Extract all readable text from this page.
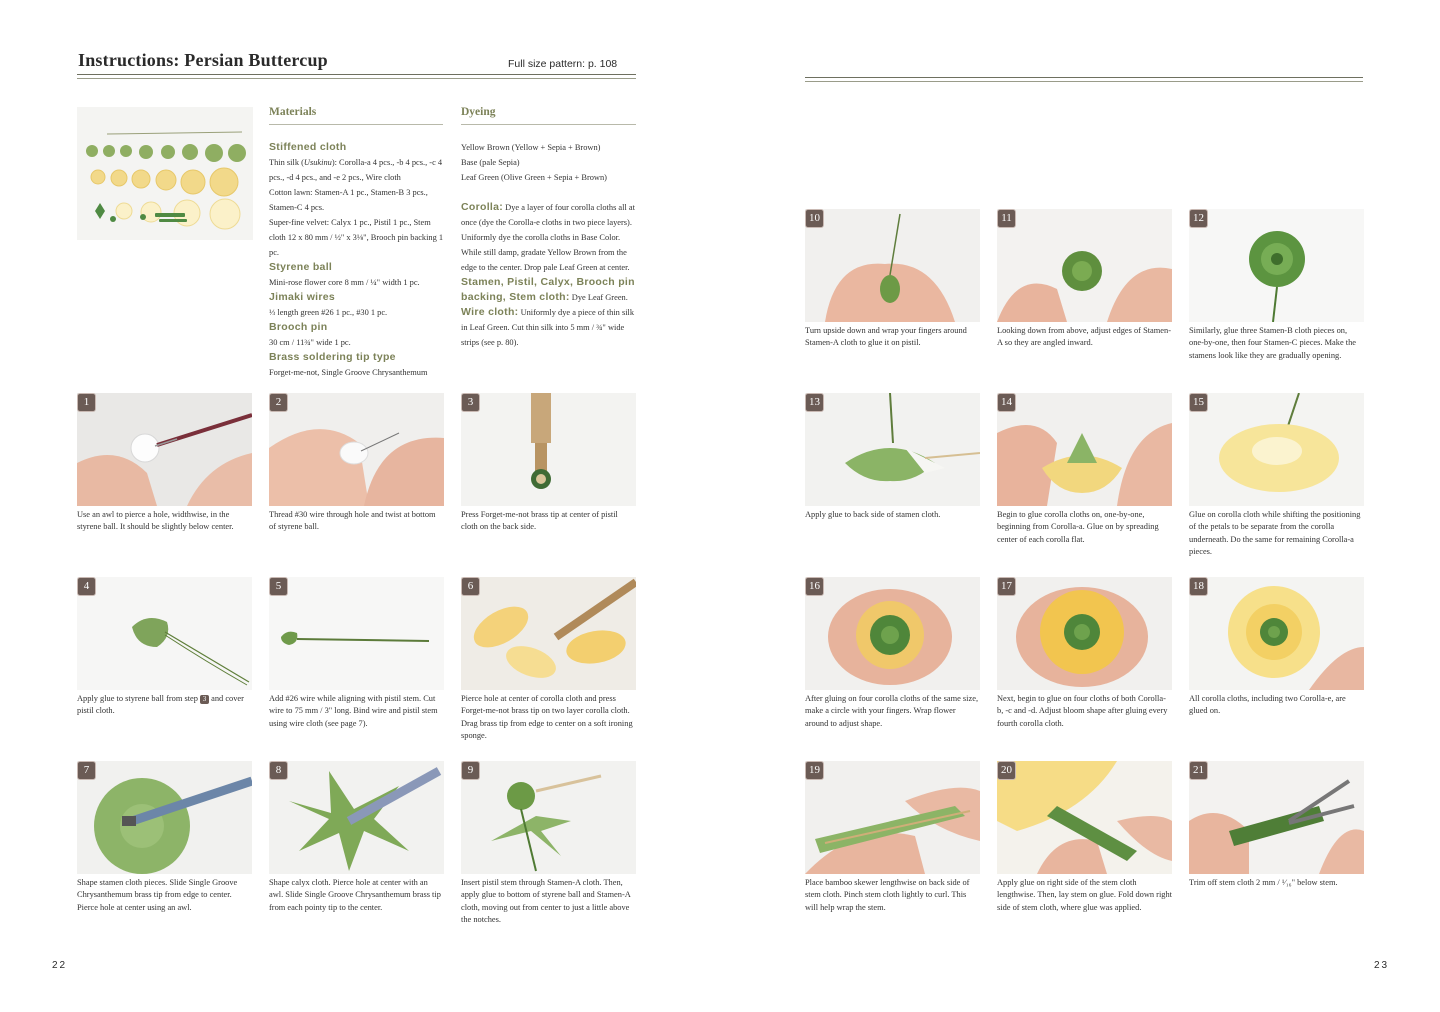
Instructions: Persian Buttercup	Full size pattern: p. 108
Materials
Stiffened cloth

Thin silk (Usukinu): Corolla-a 4 pcs., -b 4 pcs., -c 4 pcs., -d 4 pcs., and -e 2 pcs., Wire cloth

Cotton lawn: Stamen-A 1 pc., Stamen-B 3 pcs., Stamen-C 4 pcs.

Super-fine velvet: Calyx 1 pc., Pistil 1 pc., Stem cloth 12 x 80 mm / ½" x 3⅛", Brooch pin backing 1 pc.

Styrene ball

Mini-rose flower core 8 mm / ¼" width 1 pc.

Jimaki wires

⅓ length green #26 1 pc., #30 1 pc.

Brooch pin

30 cm / 11¾" wide 1 pc.

Brass soldering tip type

Forget-me-not, Single Groove Chrysanthemum

Dyeing

Yellow Brown (Yellow + Sepia + Brown)

Base (pale Sepia)

Leaf Green (Olive Green + Sepia + Brown)

Corolla: Dye a layer of four corolla cloths all at once (dye the Corolla-e cloths in two piece layers). Uniformly dye the corolla cloths in Base Color. While still damp, gradate Yellow Brown from the edge to the center. Drop pale Leaf Green at center.

Stamen, Pistil, Calyx, Brooch pin backing, Stem cloth: Dye Leaf Green.

Wire cloth: Uniformly dye a piece of thin silk in Leaf Green. Cut thin silk into 5 mm / ¾" wide strips (see p. 80).

1
Use an awl to pierce a hole, widthwise, in the styrene ball. It should be slightly below center.
2
Thread #30 wire through hole and twist at bottom of styrene ball.
3
Press Forget-me-not brass tip at center of pistil cloth on the back side.
4
Apply glue to styrene ball from step 3 and cover pistil cloth.
5
Add #26 wire while aligning with pistil stem. Cut wire to 75 mm / 3" long. Bind wire and pistil stem using wire cloth (see page 7).
6
Pierce hole at center of corolla cloth and press Forget-me-not brass tip on two layer corolla cloth. Drag brass tip from edge to center on a soft ironing sponge.
7
Shape stamen cloth pieces. Slide Single Groove Chrysanthemum brass tip from edge to center. Pierce hole at center using an awl.
8
Shape calyx cloth. Pierce hole at center with an awl. Slide Single Groove Chrysanthemum brass tip from each pointy tip to the center.
9
Insert pistil stem through Stamen-A cloth. Then, apply glue to bottom of styrene ball and Stamen-A cloth, moving out from center to just a little above the notches.
22
10
Turn upside down and wrap your fingers around Stamen-A cloth to glue it on pistil.
11
Looking down from above, adjust edges of Stamen-A so they are angled inward.
12
Similarly, glue three Stamen-B cloth pieces on, one-by-one, then four Stamen-C pieces. Make the stamens look like they are gradually opening.
13
Apply glue to back side of stamen cloth.
14
Begin to glue corolla cloths on, one-by-one, beginning from Corolla-a. Glue on by spreading center of each corolla flat.
15
Glue on corolla cloth while shifting the positioning of the petals to be separate from the corolla underneath. Do the same for remaining Corolla-a pieces.
16
After gluing on four corolla cloths of the same size, make a circle with your fingers. Wrap flower around to adjust shape.
17
Next, begin to glue on four cloths of both Corolla-b, -c and -d. Adjust bloom shape after gluing every fourth corolla cloth.
18
All corolla cloths, including two Corolla-e, are glued on.
19
Place bamboo skewer lengthwise on back side of stem cloth. Pinch stem cloth lightly to curl. This will help wrap the stem.
20
Apply glue on right side of the stem cloth lengthwise. Then, lay stem on glue. Fold down right side of stem cloth, where glue was applied.
21
Trim off stem cloth 2 mm / ¹⁄₁₆" below stem.
23
